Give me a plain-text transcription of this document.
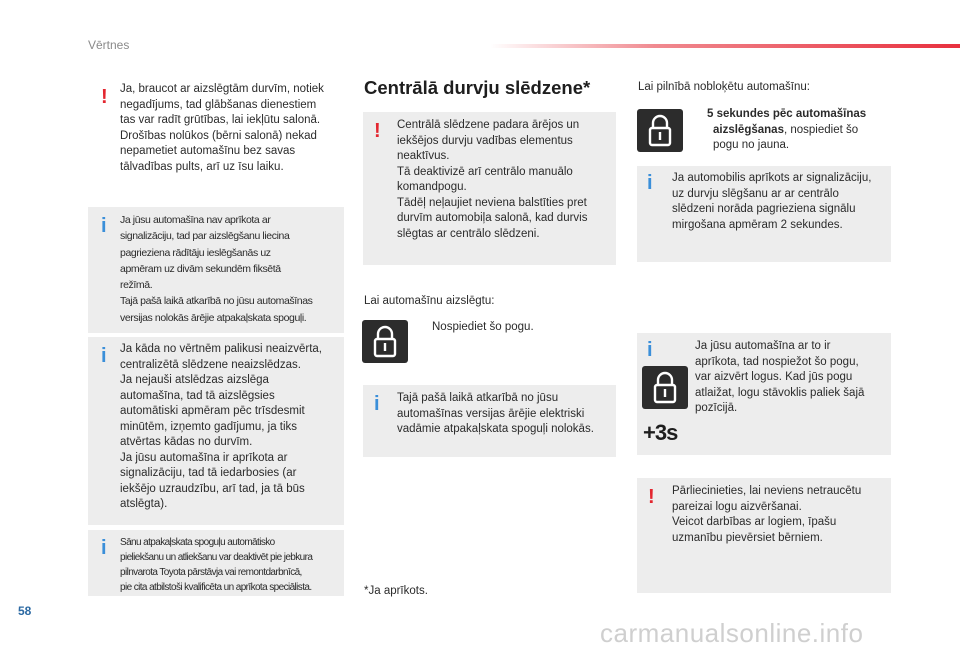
Vērtnes
! Ja, braucot ar aizslēgtām durvīm, notiek

negadījums, tad glābšanas dienestiem

tas var radīt grūtības, lai iekļūtu salonā.

Drošības nolūkos (bērni salonā) nekad

nepametiet automašīnu bez savas

tālvadības pults, arī uz īsu laiku.

i Ja jūsu automašīna nav aprīkota ar

signalizāciju, tad par aizslēgšanu liecina

pagrieziena rādītāju ieslēgšanās uz

apmēram uz divām sekundēm fiksētā

režīmā.

Tajā pašā laikā atkarībā no jūsu automašīnas

versijas nolokās ārējie atpakaļskata spoguļi.

i Ja kāda no vērtnēm palikusi neaizvērta,

centralizētā slēdzene neaizslēdzas.

Ja nejauši atslēdzas aizslēga

automašīna, tad tā aizslēgsies

automātiski apmēram pēc trīsdesmit

minūtēm, izņemto gadījumu, ja tiks

atvērtas kādas no durvīm.

Ja jūsu automašīna ir aprīkota ar

signalizāciju, tad tā iedarbosies (ar

iekšējo uzraudzību, arī tad, ja tā būs

atslēgta).

i Sānu atpakaļskata spoguļu automātisko

pieliekšanu un atliekšanu var deaktivēt pie jebkura

pilnvarota Toyota pārstāvja vai remontdarbnīcā,

pie cita atbilstoši kvalificēta un aprīkota speciālista.

Centrālā durvju slēdzene*
! Centrālā slēdzene padara ārējos un

iekšējos durvju vadības elementus

neaktīvus.

Tā deaktivizē arī centrālo manuālo

komandpogu.

Tādēļ neļaujiet neviena balstīties pret

durvīm automobiļa salonā, kad durvis

slēgtas ar centrālo slēdzeni.

Lai automašīnu aizslēgtu:
Nospiediet šo pogu.
i Tajā pašā laikā atkarībā no jūsu

automašīnas versijas ārējie elektriski

vadāmie atpakaļskata spoguļi nolokās.

*Ja aprīkots.
Lai pilnībā nobloķētu automašīnu:

5 sekundes pēc automašīnas

aizslēgšanas, nospiediet šo

pogu no jauna.

i Ja automobilis aprīkots ar signalizāciju,

uz durvju slēgšanu ar ar centrālo

slēdzeni norāda pagrieziena signālu

mirgošana apmēram 2 sekundes.

i
+3s

Ja jūsu automašīna ar to ir

aprīkota, tad nospiežot šo pogu,

var aizvērt logus. Kad jūs pogu

atlaižat, logu stāvoklis paliek šajā

pozīcijā.

! Pārliecinieties, lai neviens netraucētu

pareizai logu aizvēršanai.

Veicot darbības ar logiem, īpašu

uzmanību pievērsiet bērniem.

58
carmanualsonline.info
